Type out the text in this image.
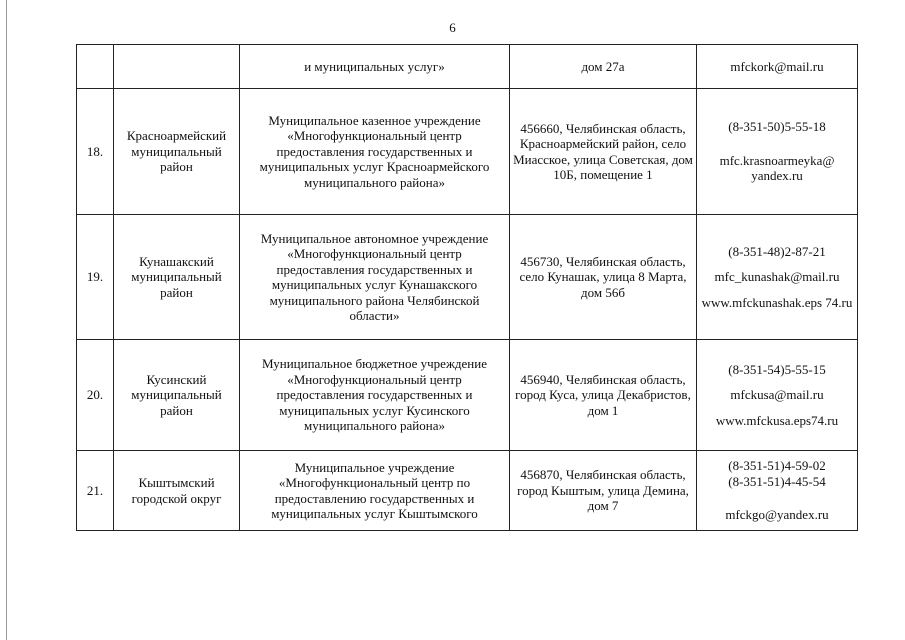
6
		и муниципальных услуг»	дом 27а	mfckork@mail.ru

18.	Красноармейский муниципальный район	Муниципальное казенное учреждение «Многофункциональный центр предоставления государственных и муниципальных услуг Красноармейского муниципального района»	456660, Челябинская область, Красноармейский район, село Миасское, улица Советская, дом 10Б, помещение 1	(8-351-50)5-55-18
mfc.krasnoarmeyka@ yandex.ru

19.	Кунашакский муниципальный район	Муниципальное автономное учреждение «Многофункциональный центр предоставления государственных и муниципальных услуг Кунашакского муниципального района Челябинской области»	456730, Челябинская область, село Кунашак, улица 8 Марта, дом 56б	(8-351-48)2-87-21
mfc_kunashak@mail.ru
www.mfckunashak.eps 74.ru

20.	Кусинский муниципальный район	Муниципальное бюджетное учреждение «Многофункциональный центр предоставления государственных и муниципальных услуг Кусинского муниципального района»	456940, Челябинская область, город Куса, улица Декабристов, дом 1	(8-351-54)5-55-15
mfckusa@mail.ru
www.mfckusa.eps74.ru

21.	Кыштымский городской округ	Муниципальное учреждение «Многофункциональный центр по предоставлению государственных и муниципальных услуг Кыштымского	456870, Челябинская область, город Кыштым, улица Демина, дом 7	(8-351-51)4-59-02
(8-351-51)4-45-54
mfckgo@yandex.ru
